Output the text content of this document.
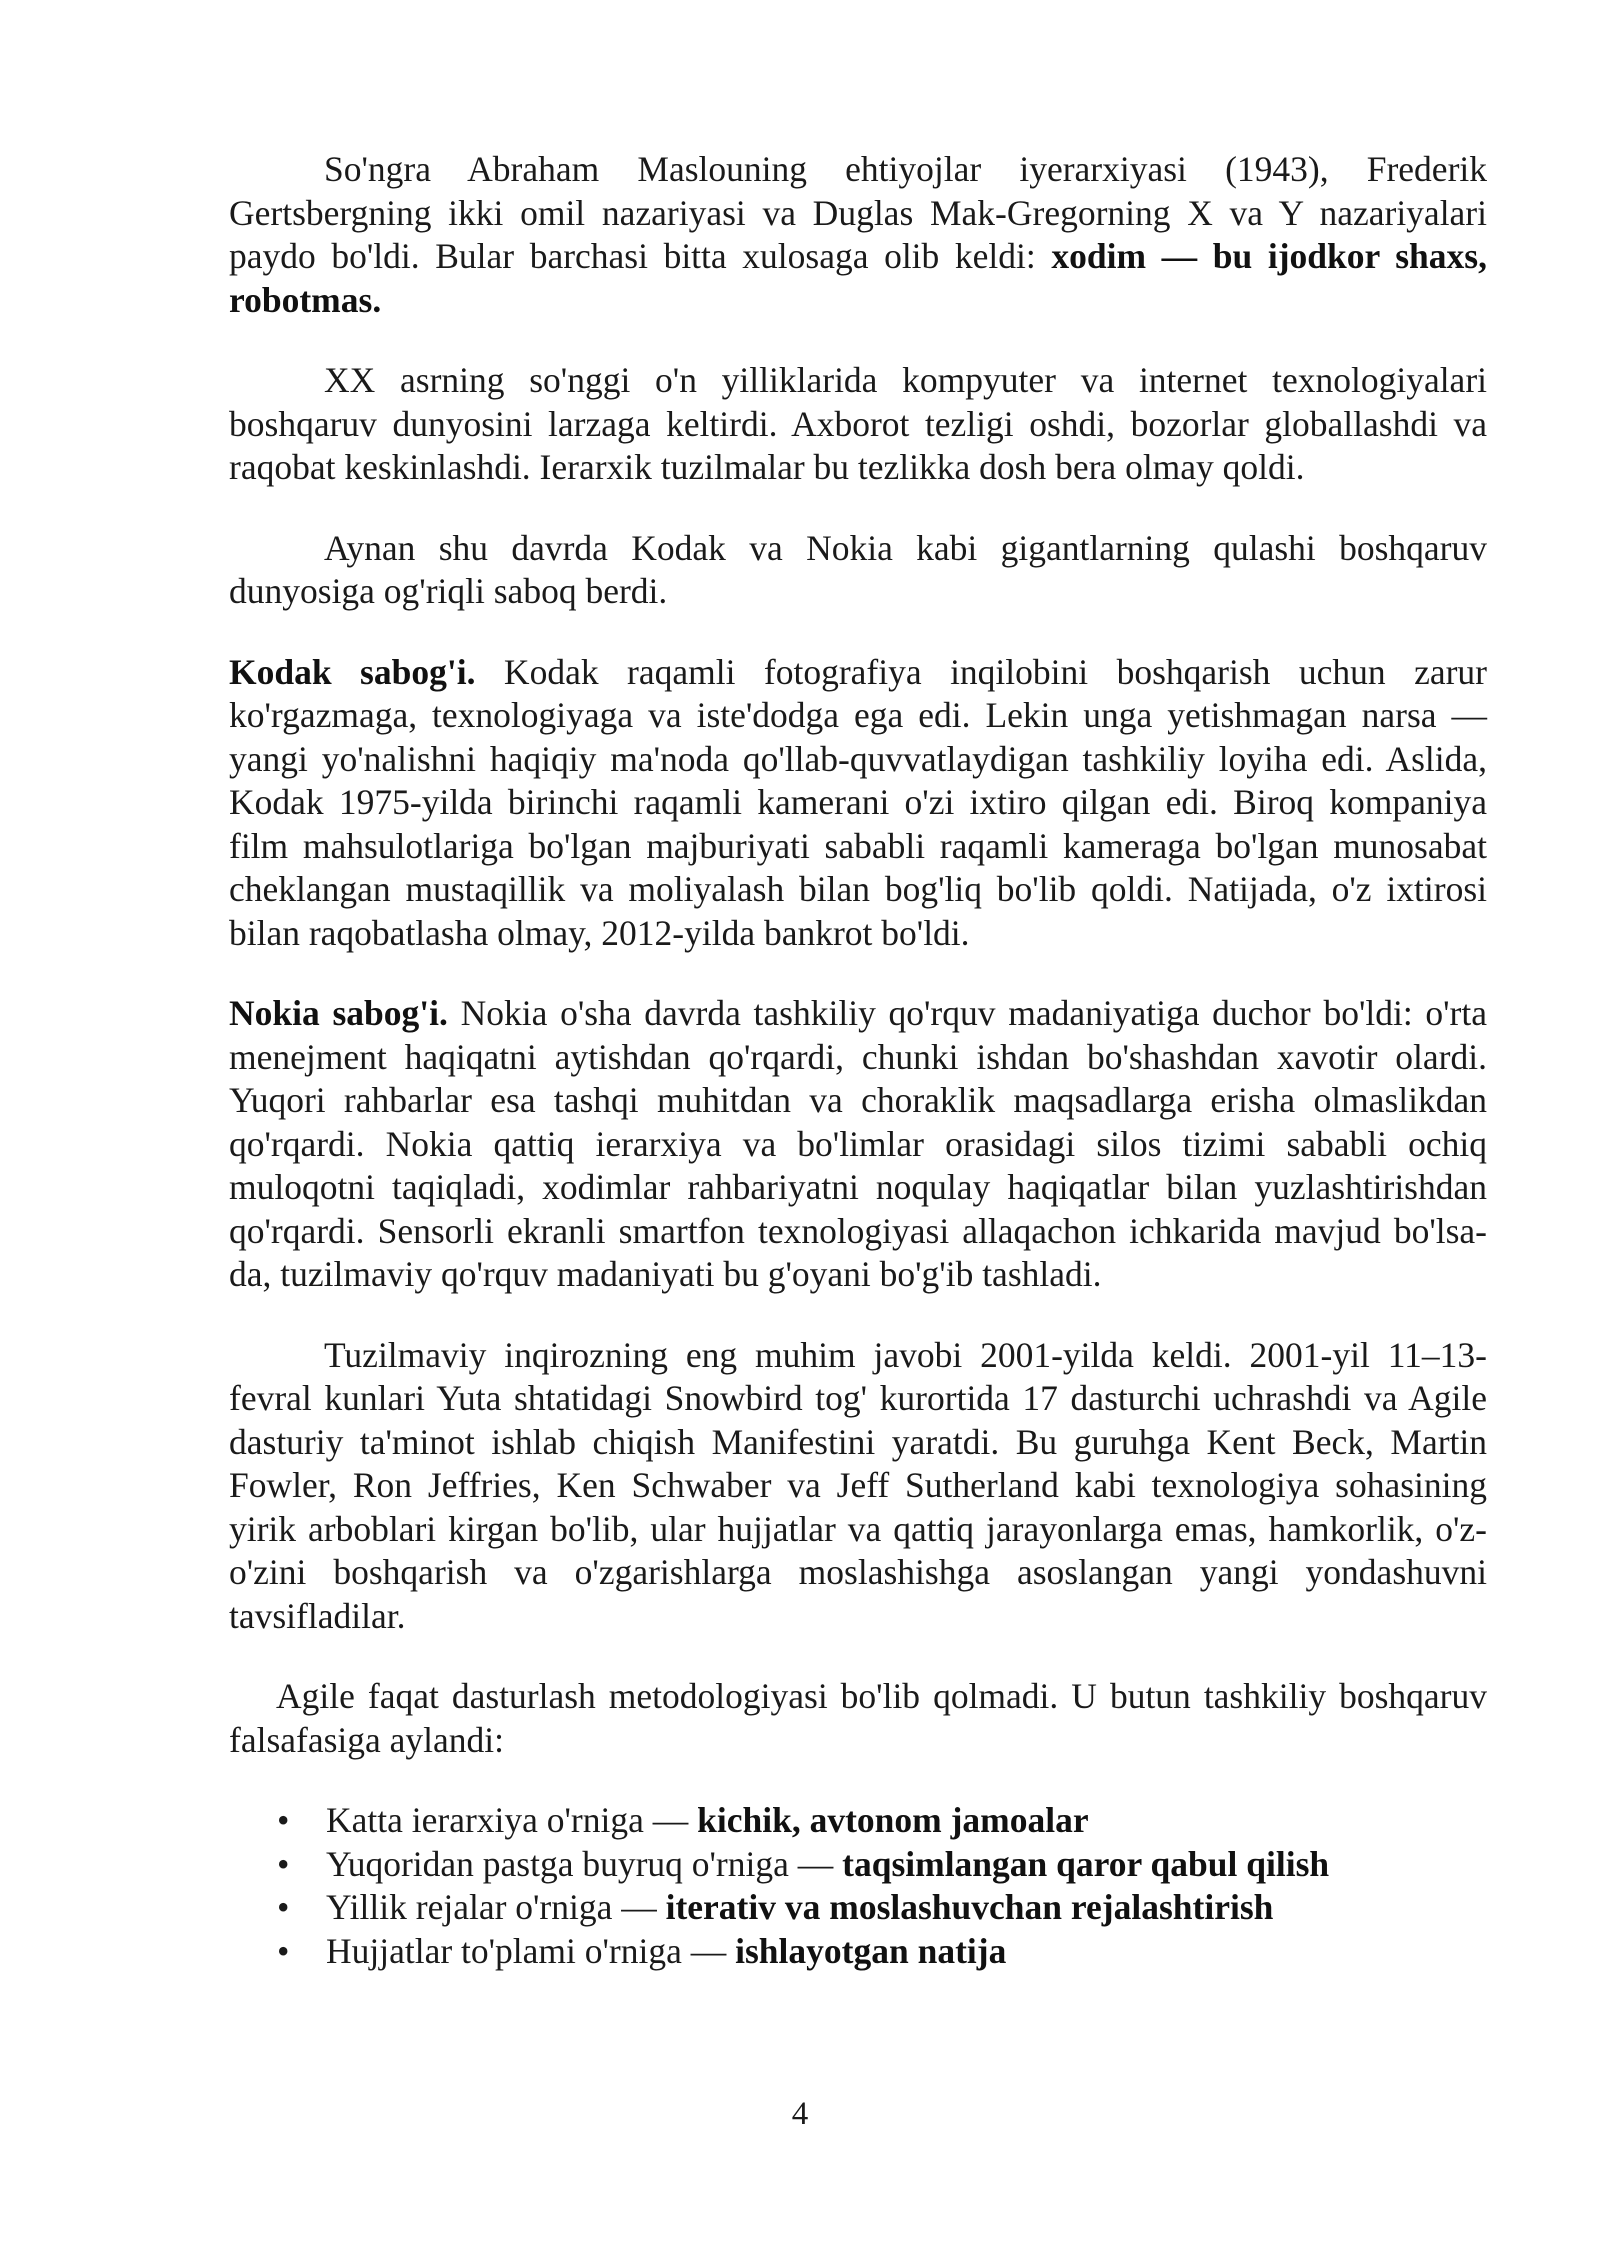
So'ngra Abraham Maslouning ehtiyojlar iyerarxiyasi (1943), Frederik Gertsbergning ikki omil nazariyasi va Duglas Mak-Gregorning X va Y nazariyalari paydo bo'ldi. Bular barchasi bitta xulosaga olib keldi: xodim — bu ijodkor shaxs, robotmas.

XX asrning so'nggi o'n yilliklarida kompyuter va internet texnologiyalari boshqaruv dunyosini larzaga keltirdi. Axborot tezligi oshdi, bozorlar globallashdi va raqobat keskinlashdi. Ierarxik tuzilmalar bu tezlikka dosh bera olmay qoldi.

Aynan shu davrda Kodak va Nokia kabi gigantlarning qulashi boshqaruv dunyosiga og'riqli saboq berdi.

Kodak sabog'i. Kodak raqamli fotografiya inqilobini boshqarish uchun zarur ko'rgazmaga, texnologiyaga va iste'dodga ega edi. Lekin unga yetishmagan narsa — yangi yo'nalishni haqiqiy ma'noda qo'llab-quvvatlaydigan tashkiliy loyiha edi. Aslida, Kodak 1975-yilda birinchi raqamli kamerani o'zi ixtiro qilgan edi. Biroq kompaniya film mahsulotlariga bo'lgan majburiyati sababli raqamli kameraga bo'lgan munosabat cheklangan mustaqillik va moliyalash bilan bog'liq bo'lib qoldi. Natijada, o'z ixtirosi bilan raqobatlasha olmay, 2012-yilda bankrot bo'ldi.

Nokia sabog'i. Nokia o'sha davrda tashkiliy qo'rquv madaniyatiga duchor bo'ldi: o'rta menejment haqiqatni aytishdan qo'rqardi, chunki ishdan bo'shashdan xavotir olardi. Yuqori rahbarlar esa tashqi muhitdan va choraklik maqsadlarga erisha olmaslikdan qo'rqardi. Nokia qattiq ierarxiya va bo'limlar orasidagi silos tizimi sababli ochiq muloqotni taqiqladi, xodimlar rahbariyatni noqulay haqiqatlar bilan yuzlashtirishdan qo'rqardi. Sensorli ekranli smartfon texnologiyasi allaqachon ichkarida mavjud bo'lsa-da, tuzilmaviy qo'rquv madaniyati bu g'oyani bo'g'ib tashladi.

Tuzilmaviy inqirozning eng muhim javobi 2001-yilda keldi. 2001-yil 11–13-fevral kunlari Yuta shtatidagi Snowbird tog' kurortida 17 dasturchi uchrashdi va Agile dasturiy ta'minot ishlab chiqish Manifestini yaratdi. Bu guruhga Kent Beck, Martin Fowler, Ron Jeffries, Ken Schwaber va Jeff Sutherland kabi texnologiya sohasining yirik arboblari kirgan bo'lib, ular hujjatlar va qattiq jarayonlarga emas, hamkorlik, o'z-o'zini boshqarish va o'zgarishlarga moslashishga asoslangan yangi yondashuvni tavsifladilar.

Agile faqat dasturlash metodologiyasi bo'lib qolmadi. U butun tashkiliy boshqaruv falsafasiga aylandi:

• Katta ierarxiya o'rniga — kichik, avtonom jamoalar
• Yuqoridan pastga buyruq o'rniga — taqsimlangan qaror qabul qilish
• Yillik rejalar o'rniga — iterativ va moslashuvchan rejalashtirish
• Hujjatlar to'plami o'rniga — ishlayotgan natija
4
